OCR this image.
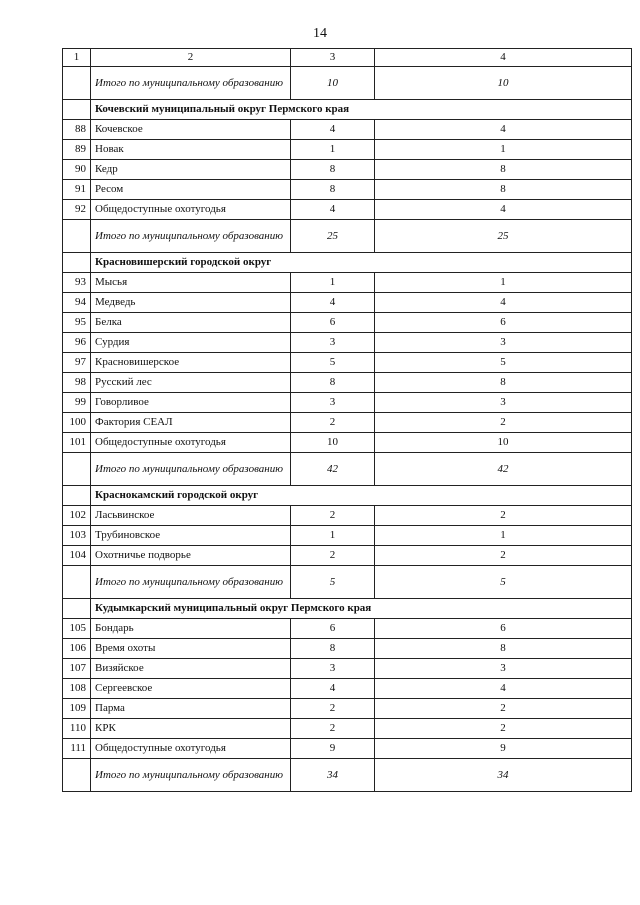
14
1	2	3	4
	Итого по муниципальному образованию	10	10
	Кочевский муниципальный округ Пермского края		
88	Кочевское	4	4
89	Новак	1	1
90	Кедр	8	8
91	Ресом	8	8
92	Общедоступные охотугодья	4	4
	Итого по муниципальному образованию	25	25
	Красновишерский городской округ		
93	Мысья	1	1
94	Медведь	4	4
95	Белка	6	6
96	Сурдия	3	3
97	Красновишерское	5	5
98	Русский лес	8	8
99	Говорливое	3	3
100	Фактория СЕАЛ	2	2
101	Общедоступные охотугодья	10	10
	Итого по муниципальному образованию	42	42
	Краснокамский городской округ		
102	Ласьвинское	2	2
103	Трубиновское	1	1
104	Охотничье подворье	2	2
	Итого по муниципальному образованию	5	5
	Кудымкарский муниципальный округ Пермского края		
105	Бондарь	6	6
106	Время охоты	8	8
107	Визяйское	3	3
108	Сергеевское	4	4
109	Парма	2	2
110	КРК	2	2
111	Общедоступные охотугодья	9	9
	Итого по муниципальному образованию	34	34
